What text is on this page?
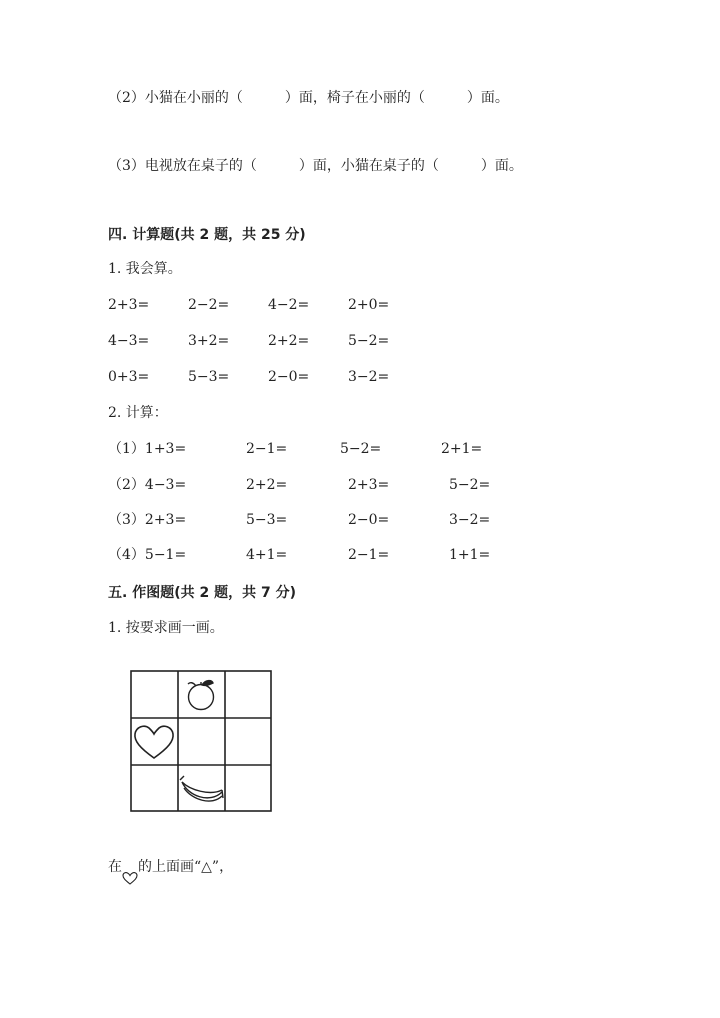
（2）小猫在小丽的（　　　）面，椅子在小丽的（　　　）面。
（3）电视放在桌子的（　　　）面，小猫在桌子的（　　　）面。
四. 计算题(共 2 题，共 25 分)
1. 我会算。
2+3=	2−2=	4−2=	2+0=
4−3=	3+2=	2+2=	5−2=
0+3=	5−3=	2−0=	3−2=
2. 计算：
（1）1+3=	2−1=	5−2=	2+1=
（2）4−3=	2+2=	2+3=	5−2=
（3）2+3=	5−3=	2−0=	3−2=
（4）5−1=	4+1=	2−1=	1+1=
五. 作图题(共 2 题，共 7 分)
1. 按要求画一画。
在 的上面画“△”，
